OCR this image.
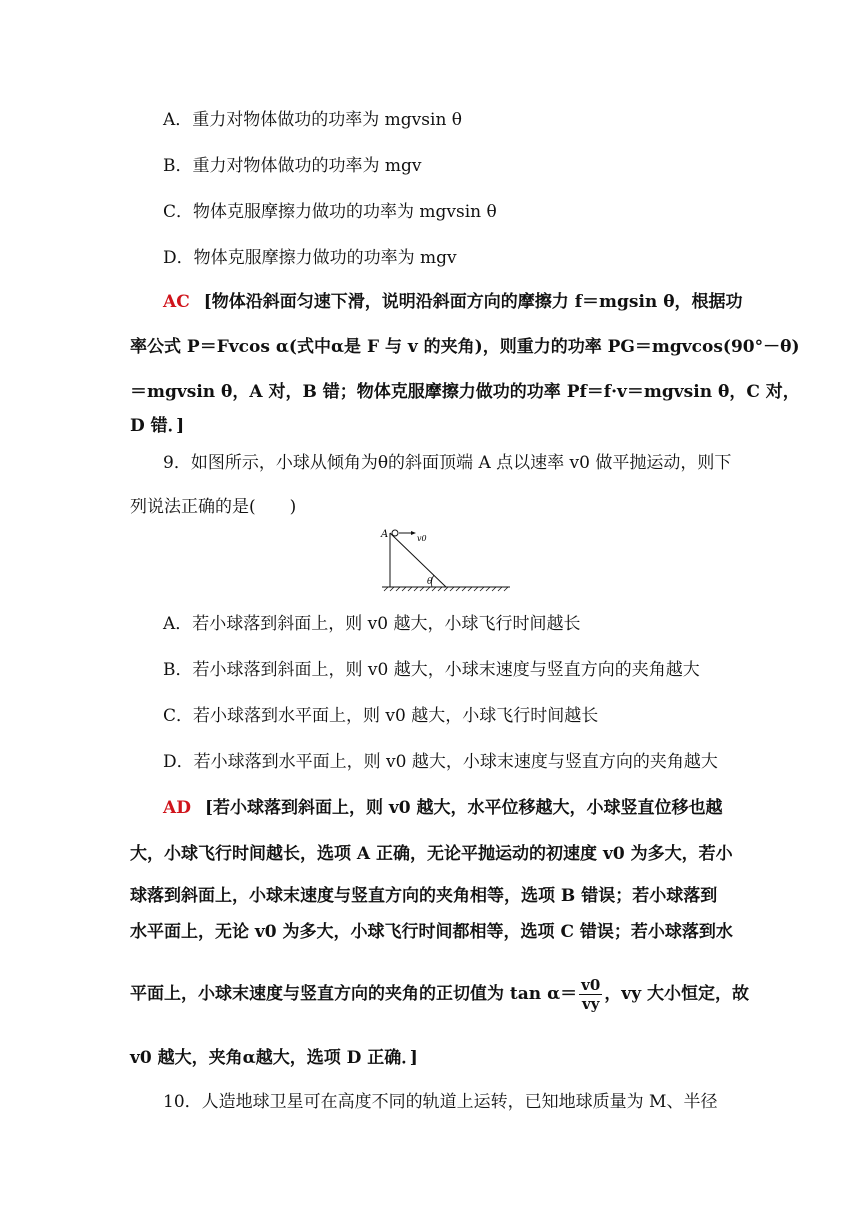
A．重力对物体做功的功率为 mgvsin θ
B．重力对物体做功的功率为 mgv
C．物体克服摩擦力做功的功率为 mgvsin θ
D．物体克服摩擦力做功的功率为 mgv
AC [物体沿斜面匀速下滑，说明沿斜面方向的摩擦力 f＝mgsin θ，根据功
率公式 P＝Fvcos α(式中α是 F 与 v 的夹角)，则重力的功率 PG＝mgvcos(90°－θ)
＝mgvsin θ，A 对，B 错；物体克服摩擦力做功的功率 Pf＝f·v＝mgvsin θ，C 对，
D 错．]
9．如图所示，小球从倾角为θ的斜面顶端 A 点以速率 v0 做平抛运动，则下
列说法正确的是(　　)
A	v0
θ
A．若小球落到斜面上，则 v0 越大，小球飞行时间越长
B．若小球落到斜面上，则 v0 越大，小球末速度与竖直方向的夹角越大
C．若小球落到水平面上，则 v0 越大，小球飞行时间越长
D．若小球落到水平面上，则 v0 越大，小球末速度与竖直方向的夹角越大
AD [若小球落到斜面上，则 v0 越大，水平位移越大，小球竖直位移也越
大，小球飞行时间越长，选项 A 正确，无论平抛运动的初速度 v0 为多大，若小
球落到斜面上，小球末速度与竖直方向的夹角相等，选项 B 错误；若小球落到
水平面上，无论 v0 为多大，小球飞行时间都相等，选项 C 错误；若小球落到水
平面上，小球末速度与竖直方向的夹角的正切值为 $\tan \alpha= \frac{v0}{vy}$ ，vy 大小恒定，故
v0 越大，夹角α越大，选项 D 正确．]
10．人造地球卫星可在高度不同的轨道上运转，已知地球质量为 M、半径
